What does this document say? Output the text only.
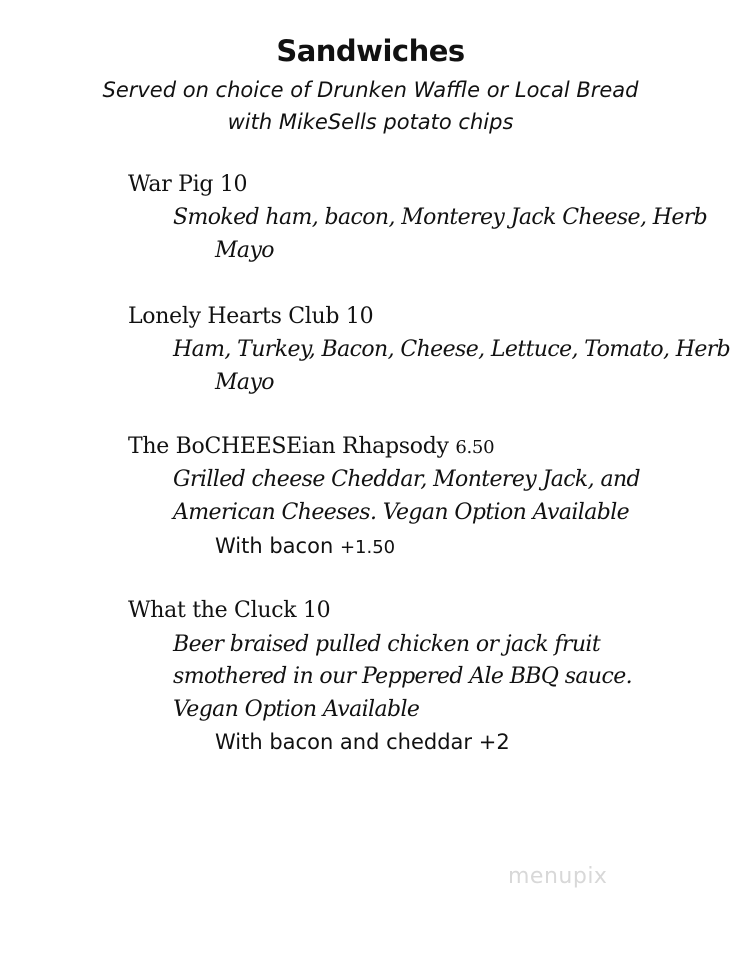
Sandwiches
Served on choice of Drunken Waffle or Local Bread
with MikeSells potato chips
War Pig 10
Smoked ham, bacon, Monterey Jack Cheese, Herb
Mayo
Lonely Hearts Club 10
Ham, Turkey, Bacon, Cheese, Lettuce, Tomato, Herb
Mayo
The BoCHEESEian Rhapsody 6.50
Grilled cheese Cheddar, Monterey Jack, and
American Cheeses. Vegan Option Available
With bacon +1.50
What the Cluck 10
Beer braised pulled chicken or jack fruit
smothered in our Peppered Ale BBQ sauce.
Vegan Option Available
With bacon and cheddar +2
menupix
